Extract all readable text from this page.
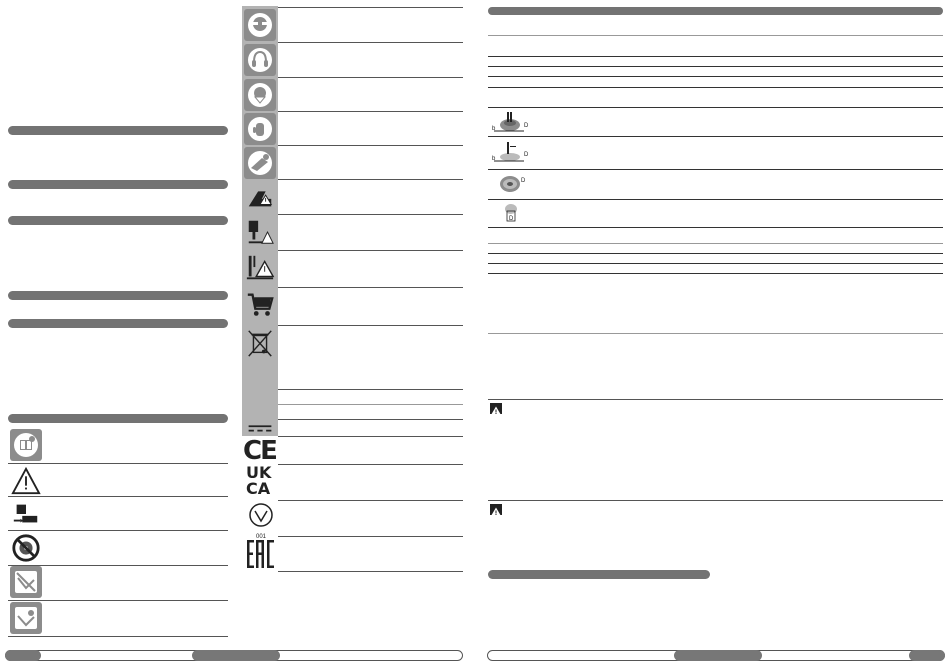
CE
UK
CA
001
b	D
b
D
D
D
